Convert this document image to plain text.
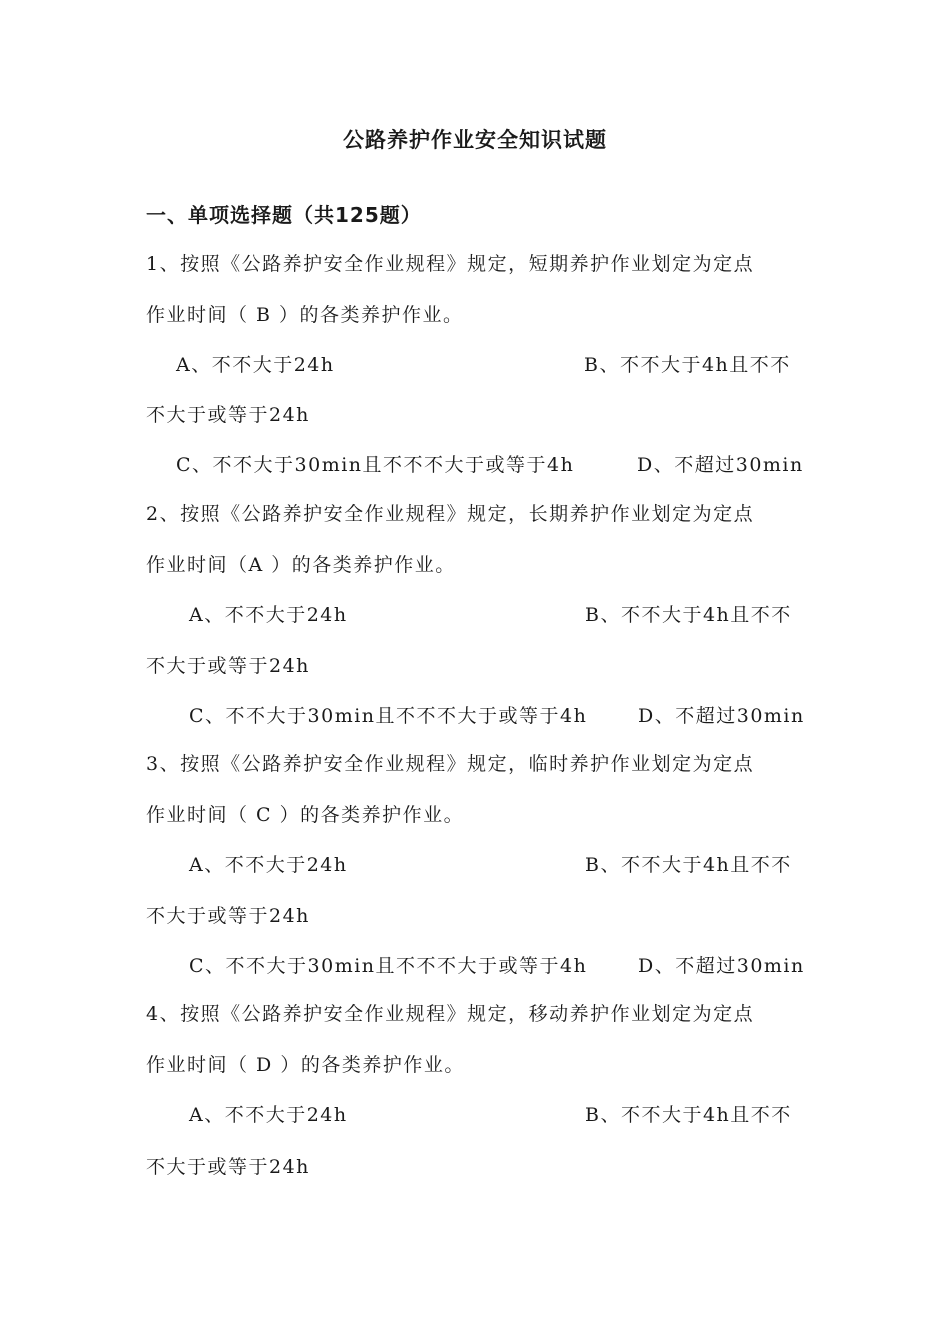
公路养护作业安全知识试题
一、单项选择题（共125题）
1、按照《公路养护安全作业规程》规定，短期养护作业划定为定点
作业时间（ B ）的各类养护作业。
A、不不大于24h	B、不不大于4h且不不
不大于或等于24h
C、不不大于30min且不不不大于或等于4h	D、不超过30min
2、按照《公路养护安全作业规程》规定，长期养护作业划定为定点
作业时间（A ）的各类养护作业。
A、不不大于24h	B、不不大于4h且不不
不大于或等于24h
C、不不大于30min且不不不大于或等于4h	D、不超过30min
3、按照《公路养护安全作业规程》规定，临时养护作业划定为定点
作业时间（ C ）的各类养护作业。
A、不不大于24h	B、不不大于4h且不不
不大于或等于24h
C、不不大于30min且不不不大于或等于4h	D、不超过30min
4、按照《公路养护安全作业规程》规定，移动养护作业划定为定点
作业时间（ D ）的各类养护作业。
A、不不大于24h	B、不不大于4h且不不
不大于或等于24h
